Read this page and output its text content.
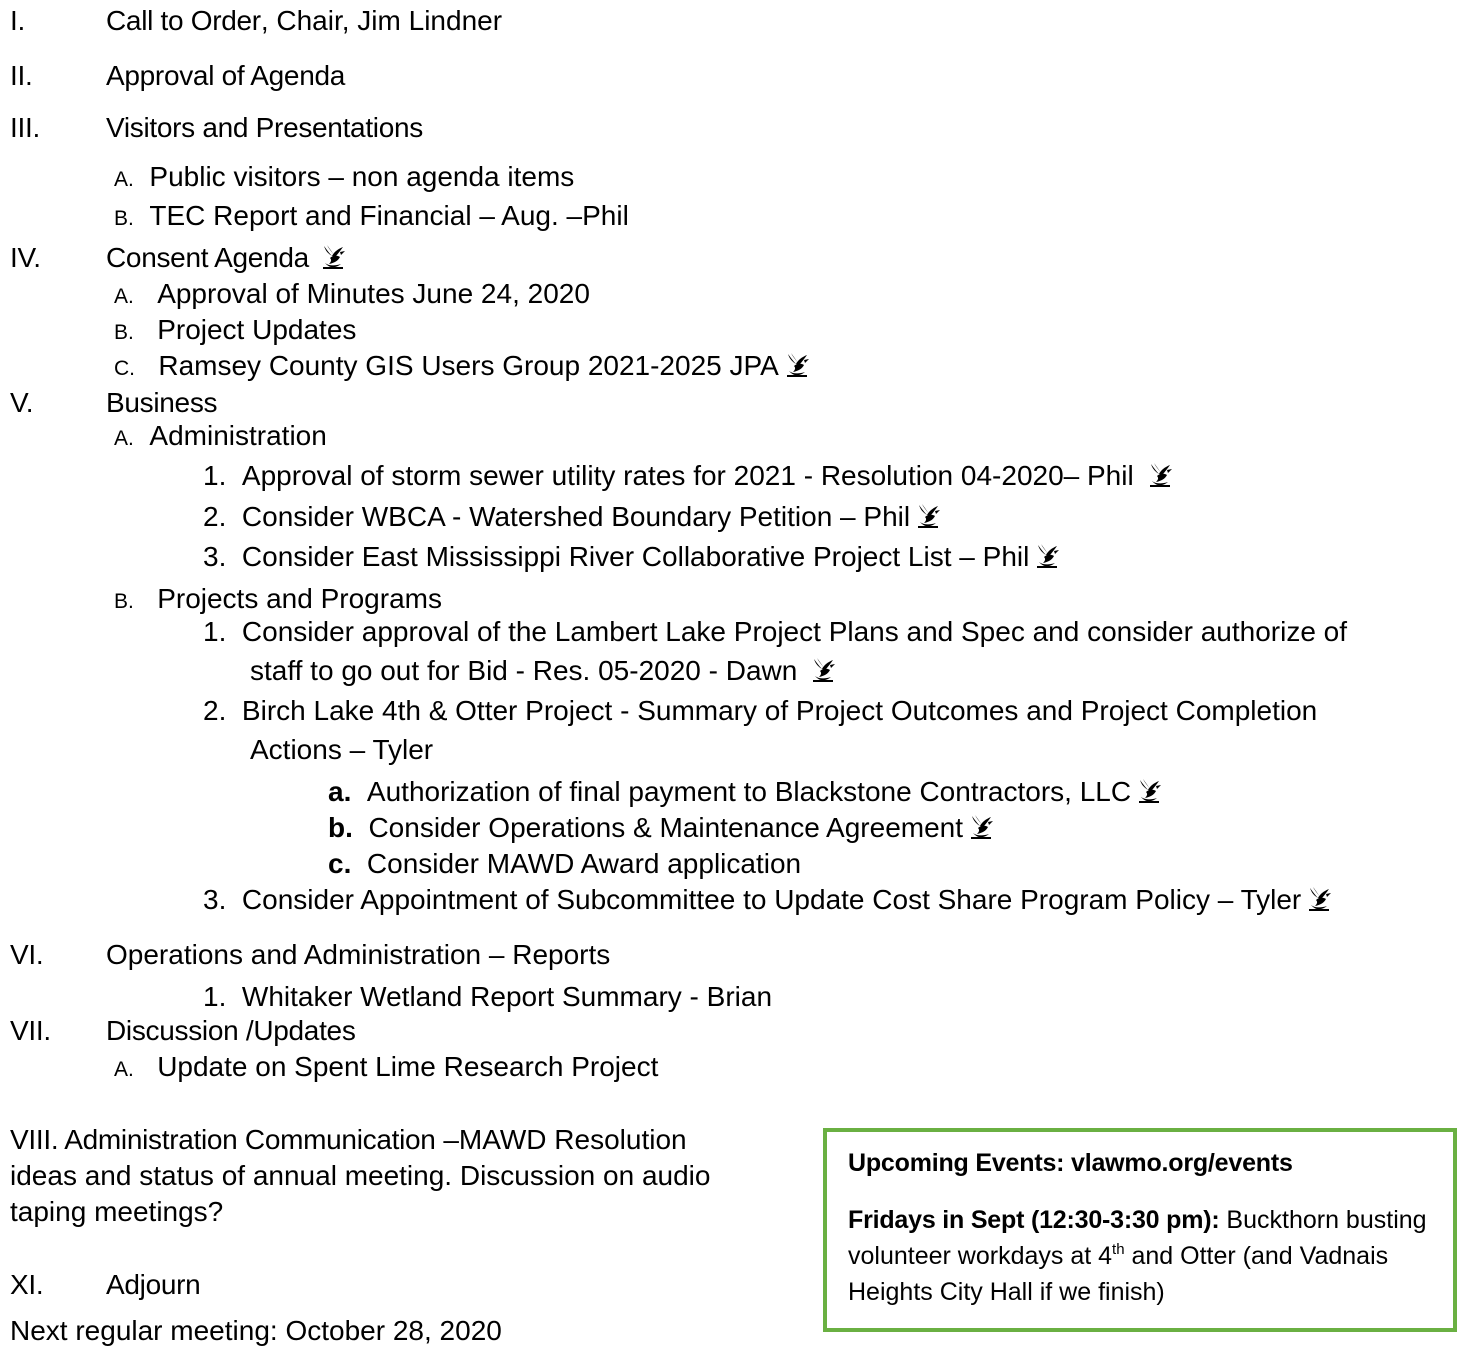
I.	Call to Order, Chair, Jim Lindner
II.	Approval of Agenda
III. Visitors and Presentations
A. Public visitors – non agenda items
B. TEC Report and Financial – Aug. –Phil
IV. Consent Agenda
A. Approval of Minutes June 24, 2020
B. Project Updates
C. Ramsey County GIS Users Group 2021-2025 JPA
V.	Business
A. Administration
1. Approval of storm sewer utility rates for 2021 - Resolution 04-2020– Phil
2. Consider WBCA - Watershed Boundary Petition – Phil
3. Consider East Mississippi River Collaborative Project List – Phil
B. Projects and Programs
1. Consider approval of the Lambert Lake Project Plans and Spec and consider authorize of
staff to go out for Bid - Res. 05-2020 - Dawn
2. Birch Lake 4th & Otter Project - Summary of Project Outcomes and Project Completion
Actions – Tyler
a. Authorization of final payment to Blackstone Contractors, LLC
b. Consider Operations & Maintenance Agreement
c. Consider MAWD Award application
3. Consider Appointment of Subcommittee to Update Cost Share Program Policy – Tyler
VI. Operations and Administration – Reports
1. Whitaker Wetland Report Summary - Brian
VII. Discussion /Updates
A. Update on Spent Lime Research Project
VIII. Administration Communication –MAWD Resolution
ideas and status of annual meeting. Discussion on audio
taping meetings?
XI. Adjourn
Next regular meeting: October 28, 2020
Upcoming Events: vlawmo.org/events
Fridays in Sept (12:30-3:30 pm): Buckthorn busting volunteer workdays at 4th and Otter (and Vadnais Heights City Hall if we finish)
